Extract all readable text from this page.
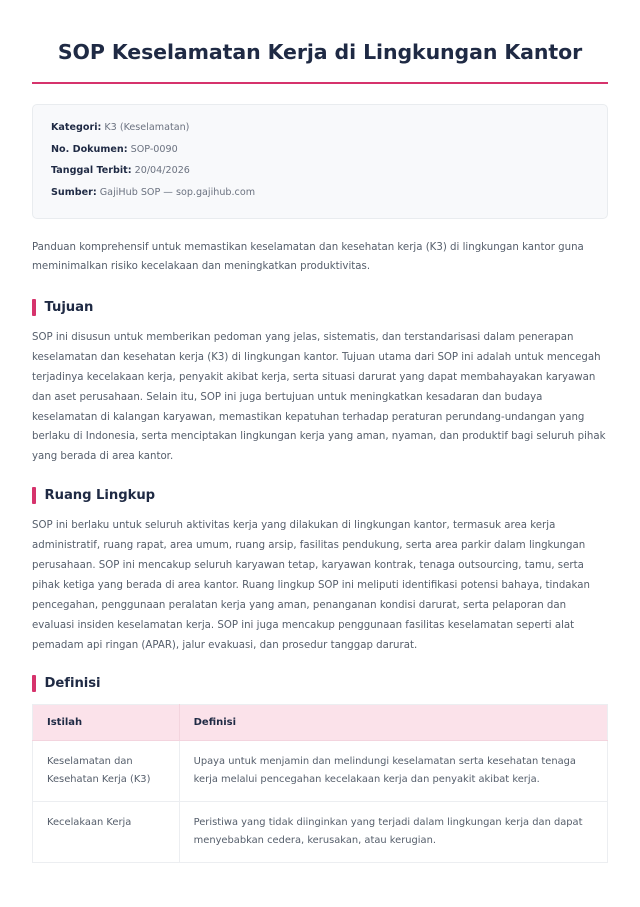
SOP Keselamatan Kerja di Lingkungan Kantor
Kategori: K3 (Keselamatan)
No. Dokumen: SOP-0090
Tanggal Terbit: 20/04/2026
Sumber: GajiHub SOP — sop.gajihub.com

Panduan komprehensif untuk memastikan keselamatan dan kesehatan kerja (K3) di lingkungan kantor guna meminimalkan risiko kecelakaan dan meningkatkan produktivitas.

Tujuan

SOP ini disusun untuk memberikan pedoman yang jelas, sistematis, dan terstandarisasi dalam penerapan keselamatan dan kesehatan kerja (K3) di lingkungan kantor. Tujuan utama dari SOP ini adalah untuk mencegah terjadinya kecelakaan kerja, penyakit akibat kerja, serta situasi darurat yang dapat membahayakan karyawan dan aset perusahaan. Selain itu, SOP ini juga bertujuan untuk meningkatkan kesadaran dan budaya keselamatan di kalangan karyawan, memastikan kepatuhan terhadap peraturan perundang-undangan yang berlaku di Indonesia, serta menciptakan lingkungan kerja yang aman, nyaman, dan produktif bagi seluruh pihak yang berada di area kantor.

Ruang Lingkup

SOP ini berlaku untuk seluruh aktivitas kerja yang dilakukan di lingkungan kantor, termasuk area kerja administratif, ruang rapat, area umum, ruang arsip, fasilitas pendukung, serta area parkir dalam lingkungan perusahaan. SOP ini mencakup seluruh karyawan tetap, karyawan kontrak, tenaga outsourcing, tamu, serta pihak ketiga yang berada di area kantor. Ruang lingkup SOP ini meliputi identifikasi potensi bahaya, tindakan pencegahan, penggunaan peralatan kerja yang aman, penanganan kondisi darurat, serta pelaporan dan evaluasi insiden keselamatan kerja. SOP ini juga mencakup penggunaan fasilitas keselamatan seperti alat pemadam api ringan (APAR), jalur evakuasi, dan prosedur tanggap darurat.

Definisi
Istilah	Definisi
Keselamatan dan Kesehatan Kerja (K3)	Upaya untuk menjamin dan melindungi keselamatan serta kesehatan tenaga kerja melalui pencegahan kecelakaan kerja dan penyakit akibat kerja.
Kecelakaan Kerja	Peristiwa yang tidak diinginkan yang terjadi dalam lingkungan kerja dan dapat menyebabkan cedera, kerusakan, atau kerugian.
